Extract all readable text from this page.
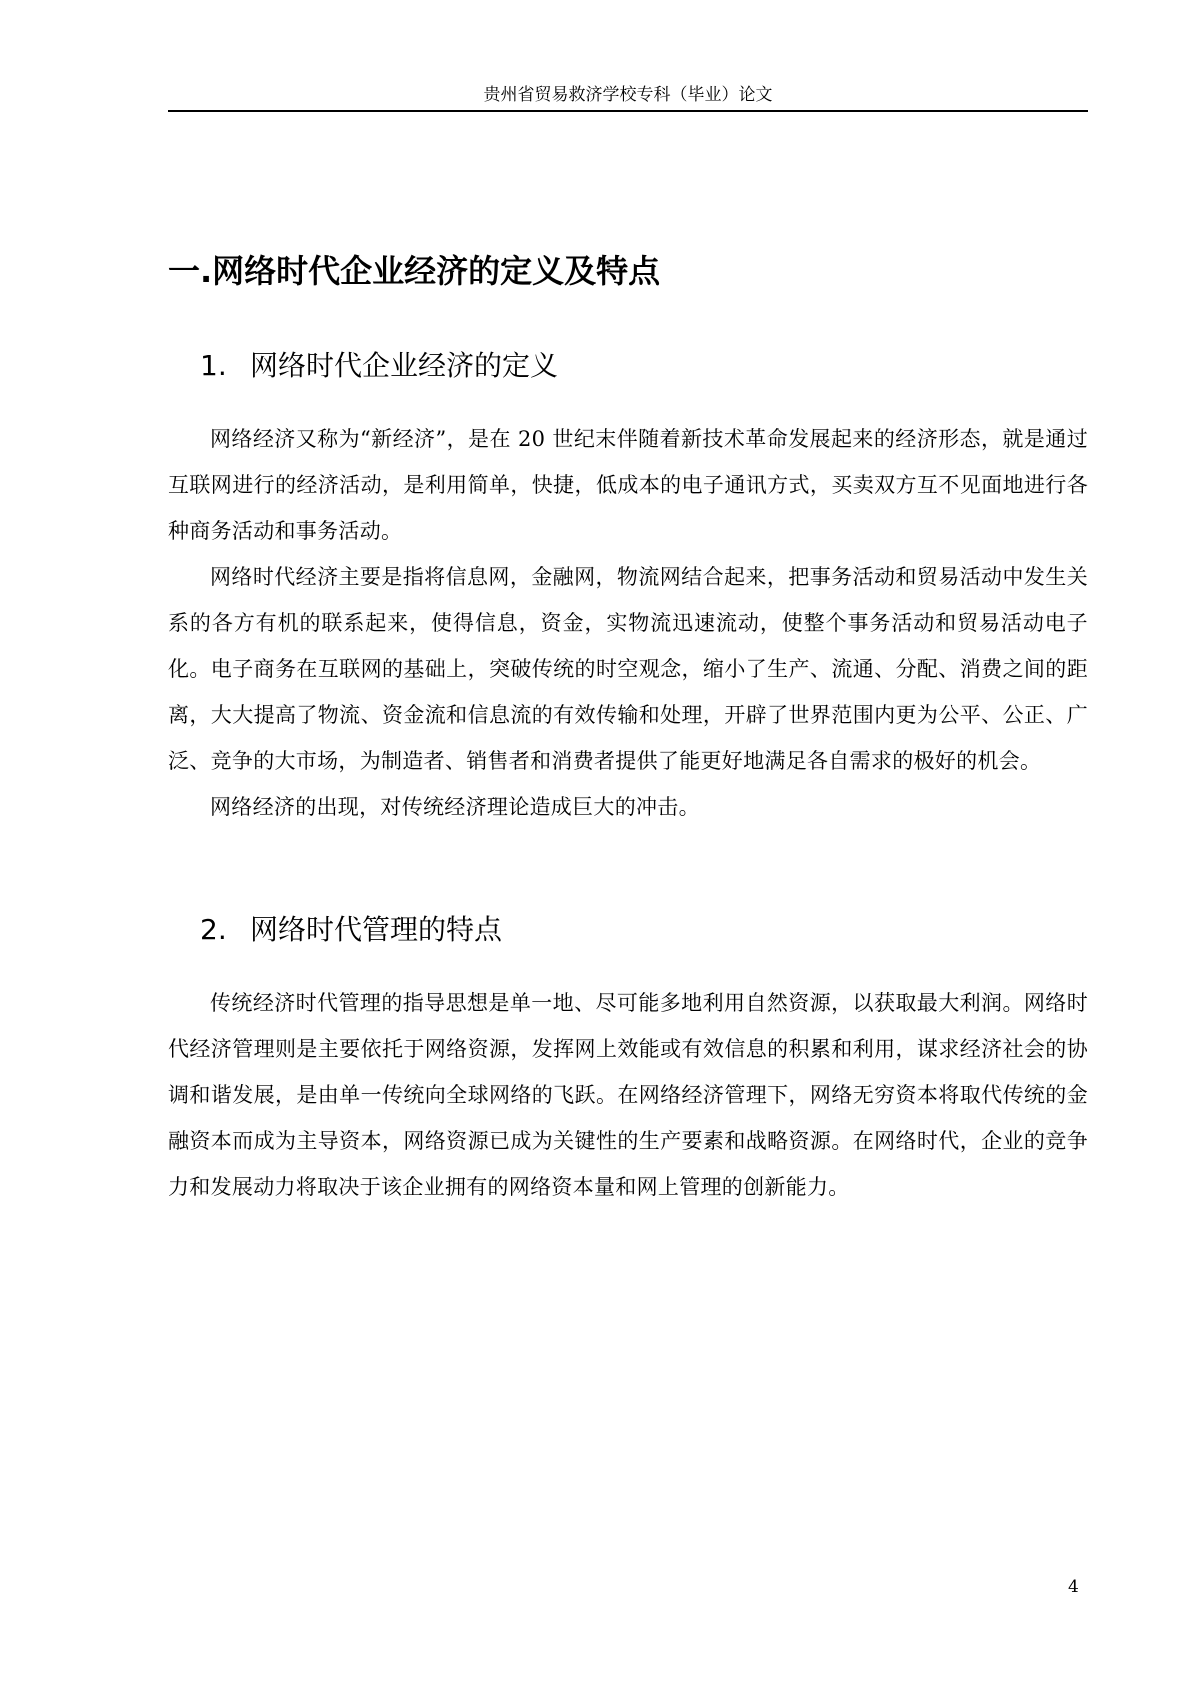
贵州省贸易救济学校专科（毕业）论文
一.网络时代企业经济的定义及特点
1. 网络时代企业经济的定义

网络经济又称为“新经济”，是在 20 世纪末伴随着新技术革命发展起来的经济形态，就是通过互联网进行的经济活动，是利用简单，快捷，低成本的电子通讯方式，买卖双方互不见面地进行各种商务活动和事务活动。

网络时代经济主要是指将信息网，金融网，物流网结合起来，把事务活动和贸易活动中发生关系的各方有机的联系起来，使得信息，资金，实物流迅速流动，使整个事务活动和贸易活动电子化。电子商务在互联网的基础上，突破传统的时空观念，缩小了生产、流通、分配、消费之间的距离，大大提高了物流、资金流和信息流的有效传输和处理，开辟了世界范围内更为公平、公正、广泛、竞争的大市场，为制造者、销售者和消费者提供了能更好地满足各自需求的极好的机会。

网络经济的出现，对传统经济理论造成巨大的冲击。

2. 网络时代管理的特点

传统经济时代管理的指导思想是单一地、尽可能多地利用自然资源，以获取最大利润。网络时代经济管理则是主要依托于网络资源，发挥网上效能或有效信息的积累和利用，谋求经济社会的协调和谐发展，是由单一传统向全球网络的飞跃。在网络经济管理下，网络无穷资本将取代传统的金融资本而成为主导资本，网络资源已成为关键性的生产要素和战略资源。在网络时代，企业的竞争力和发展动力将取决于该企业拥有的网络资本量和网上管理的创新能力。

4
